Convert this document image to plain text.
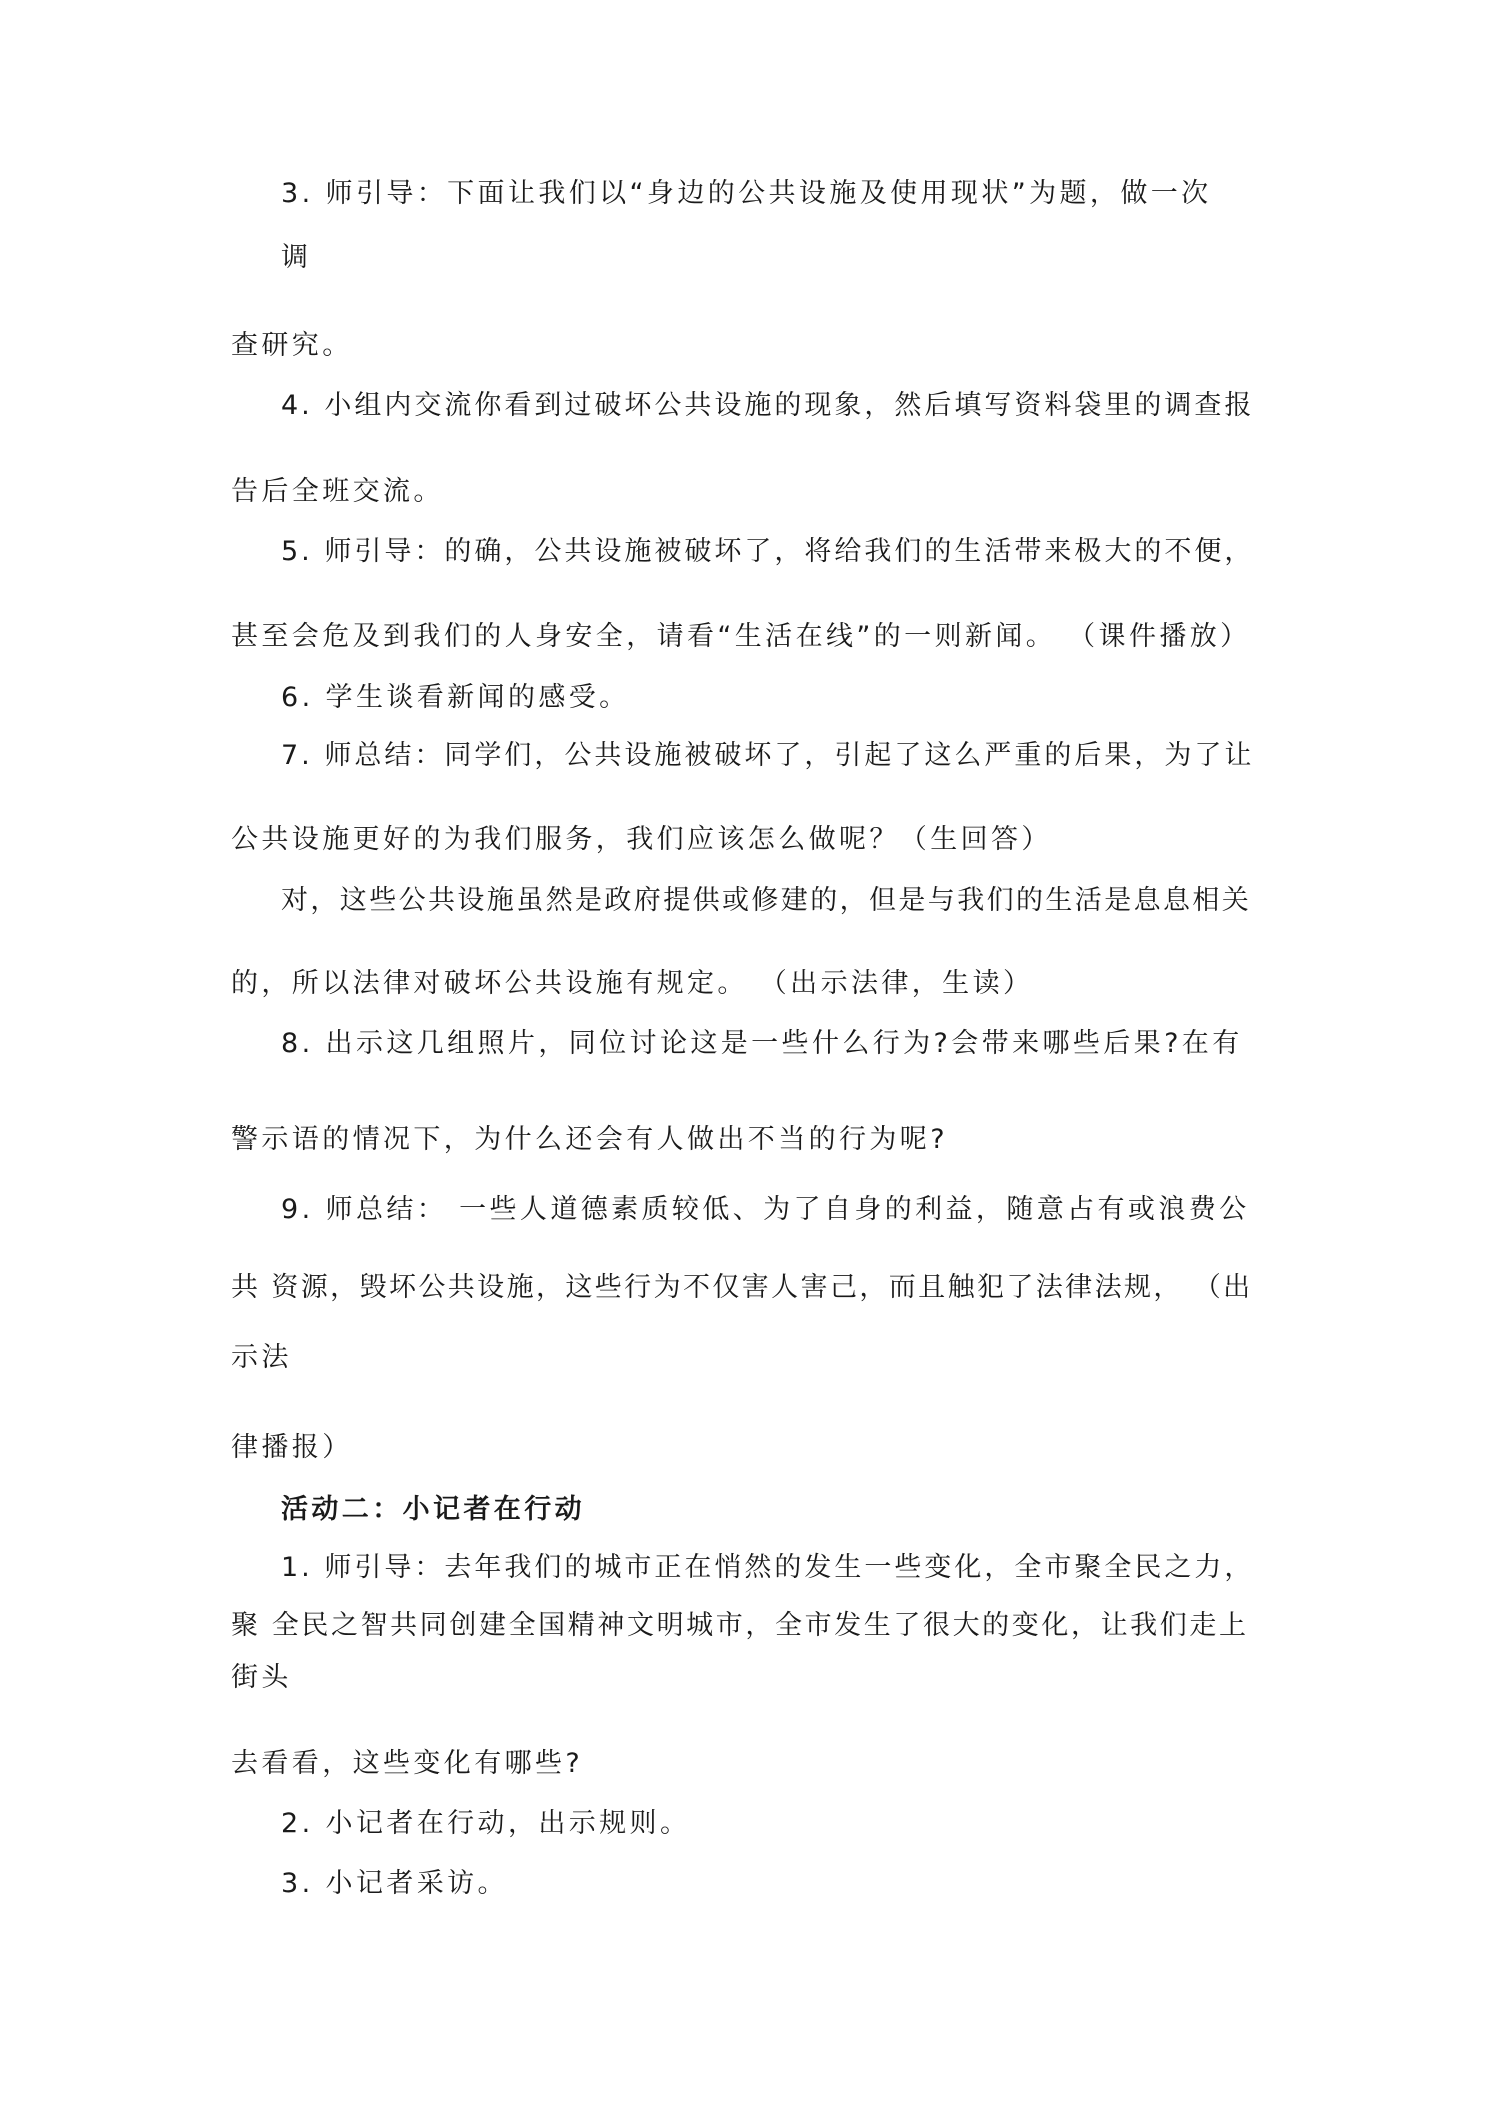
3. 师引导：下面让我们以“身边的公共设施及使用现状”为题，做一次
调
查研究。
4. 小组内交流你看到过破坏公共设施的现象，然后填写资料袋里的调查报
告后全班交流。
5. 师引导：的确，公共设施被破坏了，将给我们的生活带来极大的不便，
甚至会危及到我们的人身安全，请看“生活在线”的一则新闻。 （课件播放）
6. 学生谈看新闻的感受。
7. 师总结：同学们，公共设施被破坏了，引起了这么严重的后果，为了让
公共设施更好的为我们服务，我们应该怎么做呢？（生回答）
对，这些公共设施虽然是政府提供或修建的，但是与我们的生活是息息相关
的，所以法律对破坏公共设施有规定。 （出示法律，生读）
8. 出示这几组照片，同位讨论这是一些什么行为?会带来哪些后果?在有
警示语的情况下，为什么还会有人做出不当的行为呢?
9. 师总结： 一些人道德素质较低、为了自身的利益，随意占有或浪费公
共 资源，毁坏公共设施，这些行为不仅害人害己，而且触犯了法律法规， （出
示法
律播报）
活动二：小记者在行动
1. 师引导：去年我们的城市正在悄然的发生一些变化，全市聚全民之力，
聚 全民之智共同创建全国精神文明城市，全市发生了很大的变化，让我们走上
街头
去看看，这些变化有哪些?
2. 小记者在行动，出示规则。
3. 小记者采访。
